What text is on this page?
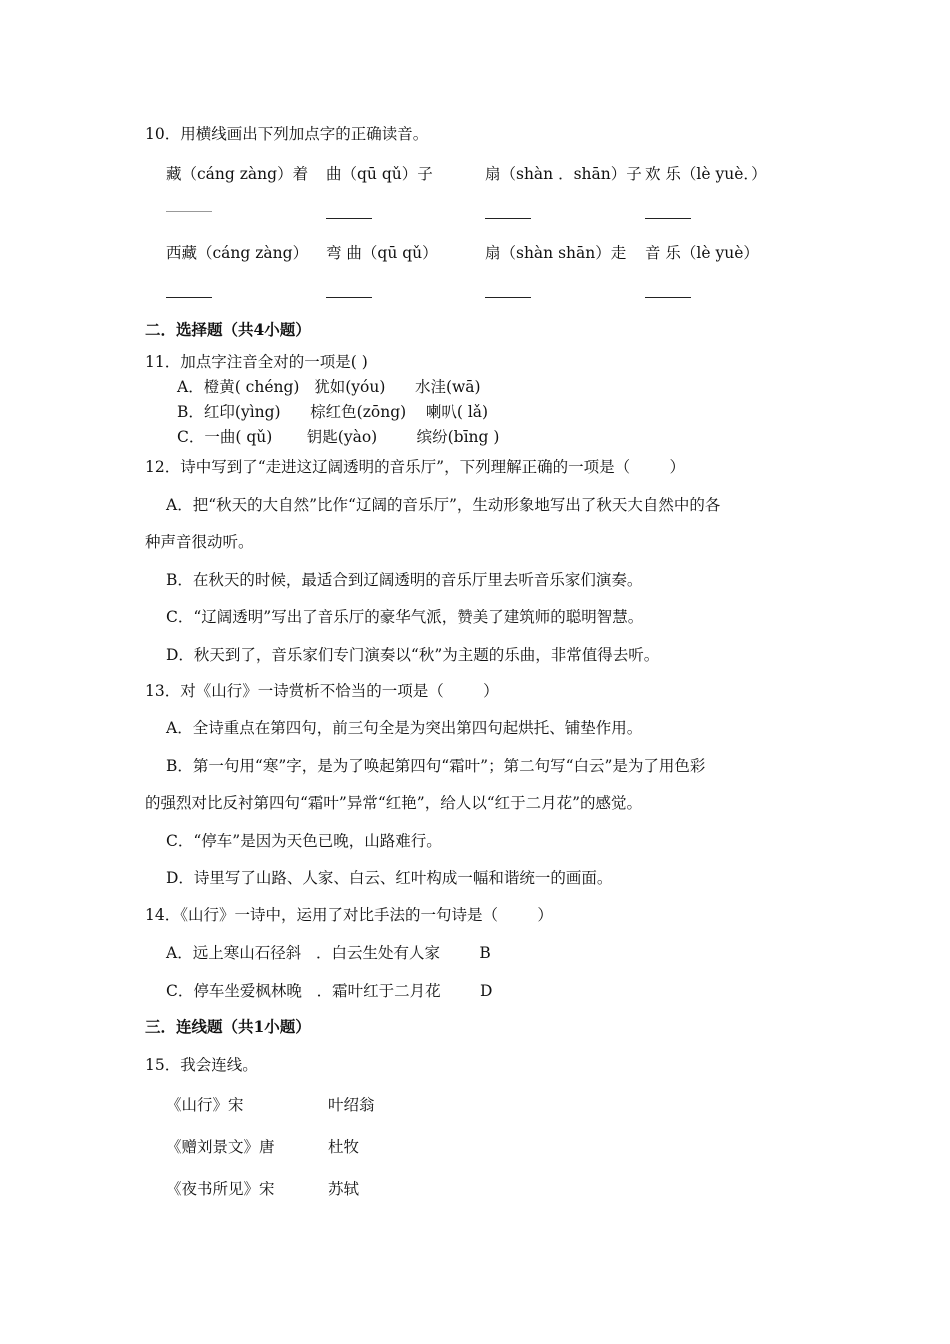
10．用横线画出下列加点字的正确读音。
藏（cáng zàng）着 曲（qū qǔ）子	扇（shàn ．shān）子 欢 乐（lè yuè．）
西藏（cáng zàng） 弯 曲（qū qǔ）	扇（shàn shān）走 音 乐（lè yuè）
二．选择题（共4小题）
11．加点字注音全对的一项是( )
A．橙黄( chéng)   犹如(yóu)      水洼(wā)
B．红印(yìng)      棕红色(zōng)    喇叭( lǎ)
C．一曲( qǔ)       钥匙(yào)        缤纷(bīng )
12．诗中写到了“走进这辽阔透明的音乐厅”，下列理解正确的一项是（        ）
A．把“秋天的大自然”比作“辽阔的音乐厅”，生动形象地写出了秋天大自然中的各
种声音很动听。
B．在秋天的时候，最适合到辽阔透明的音乐厅里去听音乐家们演奏。
C．“辽阔透明”写出了音乐厅的豪华气派，赞美了建筑师的聪明智慧。
D．秋天到了，音乐家们专门演奏以“秋”为主题的乐曲，非常值得去听。
13．对《山行》一诗赏析不恰当的一项是（        ）
A．全诗重点在第四句，前三句全是为突出第四句起烘托、铺垫作用。
B．第一句用“寒”字，是为了唤起第四句“霜叶”；第二句写“白云”是为了用色彩
的强烈对比反衬第四句“霜叶”异常“红艳”，给人以“红于二月花”的感觉。
C．“停车”是因为天色已晚，山路难行。
D．诗里写了山路、人家、白云、红叶构成一幅和谐统一的画面。
14．《山行》一诗中，运用了对比手法的一句诗是（        ）
A．远上寒山石径斜   ．白云生处有人家        B
C．停车坐爱枫林晚   ．霜叶红于二月花        D
三．连线题（共1小题）
15．我会连线。
《山行》宋	叶绍翁
《赠刘景文》唐	杜牧
《夜书所见》宋	苏轼
